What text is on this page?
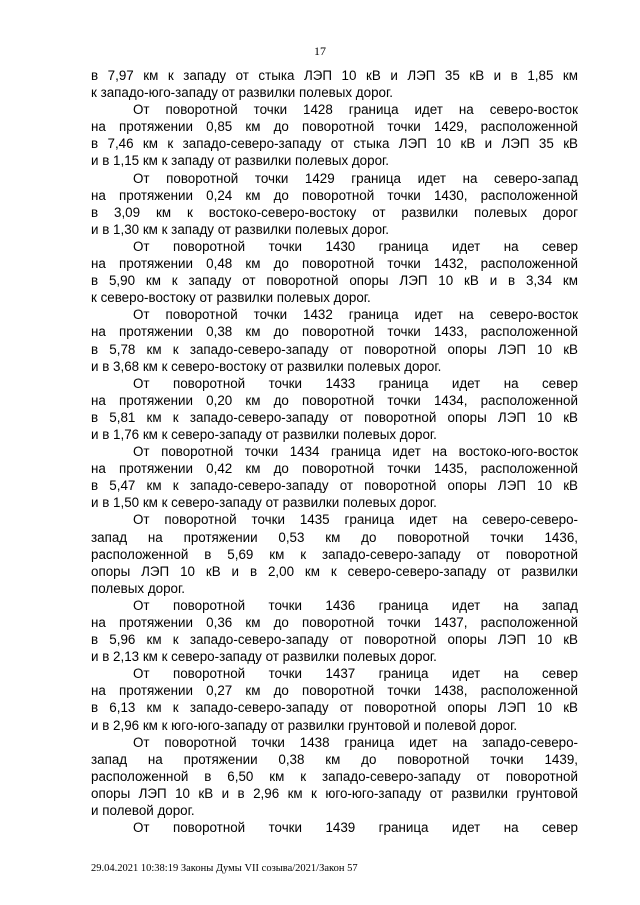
17
в 7,97 км к западу от стыка ЛЭП 10 кВ и ЛЭП 35 кВ и в 1,85 км
к западо-юго-западу от развилки полевых дорог.
От поворотной точки 1428 граница идет на северо-восток
на протяжении 0,85 км до поворотной точки 1429, расположенной
в 7,46 км к западо-северо-западу от стыка ЛЭП 10 кВ и ЛЭП 35 кВ
и в 1,15 км к западу от развилки полевых дорог.
От поворотной точки 1429 граница идет на северо-запад
на протяжении 0,24 км до поворотной точки 1430, расположенной
в 3,09 км к востоко-северо-востоку от развилки полевых дорог
и в 1,30 км к западу от развилки полевых дорог.
От поворотной точки 1430 граница идет на север
на протяжении 0,48 км до поворотной точки 1432, расположенной
в 5,90 км к западу от поворотной опоры ЛЭП 10 кВ и в 3,34 км
к северо-востоку от развилки полевых дорог.
От поворотной точки 1432 граница идет на северо-восток
на протяжении 0,38 км до поворотной точки 1433, расположенной
в 5,78 км к западо-северо-западу от поворотной опоры ЛЭП 10 кВ
и в 3,68 км к северо-востоку от развилки полевых дорог.
От поворотной точки 1433 граница идет на север
на протяжении 0,20 км до поворотной точки 1434, расположенной
в 5,81 км к западо-северо-западу от поворотной опоры ЛЭП 10 кВ
и в 1,76 км к северо-западу от развилки полевых дорог.
От поворотной точки 1434 граница идет на востоко-юго-восток
на протяжении 0,42 км до поворотной точки 1435, расположенной
в 5,47 км к западо-северо-западу от поворотной опоры ЛЭП 10 кВ
и в 1,50 км к северо-западу от развилки полевых дорог.
От поворотной точки 1435 граница идет на северо-северо-
запад на протяжении 0,53 км до поворотной точки 1436,
расположенной в 5,69 км к западо-северо-западу от поворотной
опоры ЛЭП 10 кВ и в 2,00 км к северо-северо-западу от развилки
полевых дорог.
От поворотной точки 1436 граница идет на запад
на протяжении 0,36 км до поворотной точки 1437, расположенной
в 5,96 км к западо-северо-западу от поворотной опоры ЛЭП 10 кВ
и в 2,13 км к северо-западу от развилки полевых дорог.
От поворотной точки 1437 граница идет на север
на протяжении 0,27 км до поворотной точки 1438, расположенной
в 6,13 км к западо-северо-западу от поворотной опоры ЛЭП 10 кВ
и в 2,96 км к юго-юго-западу от развилки грунтовой и полевой дорог.
От поворотной точки 1438 граница идет на западо-северо-
запад на протяжении 0,38 км до поворотной точки 1439,
расположенной в 6,50 км к западо-северо-западу от поворотной
опоры ЛЭП 10 кВ и в 2,96 км к юго-юго-западу от развилки грунтовой
и полевой дорог.
От поворотной точки 1439 граница идет на север
29.04.2021 10:38:19 Законы Думы VII созыва/2021/Закон 57
